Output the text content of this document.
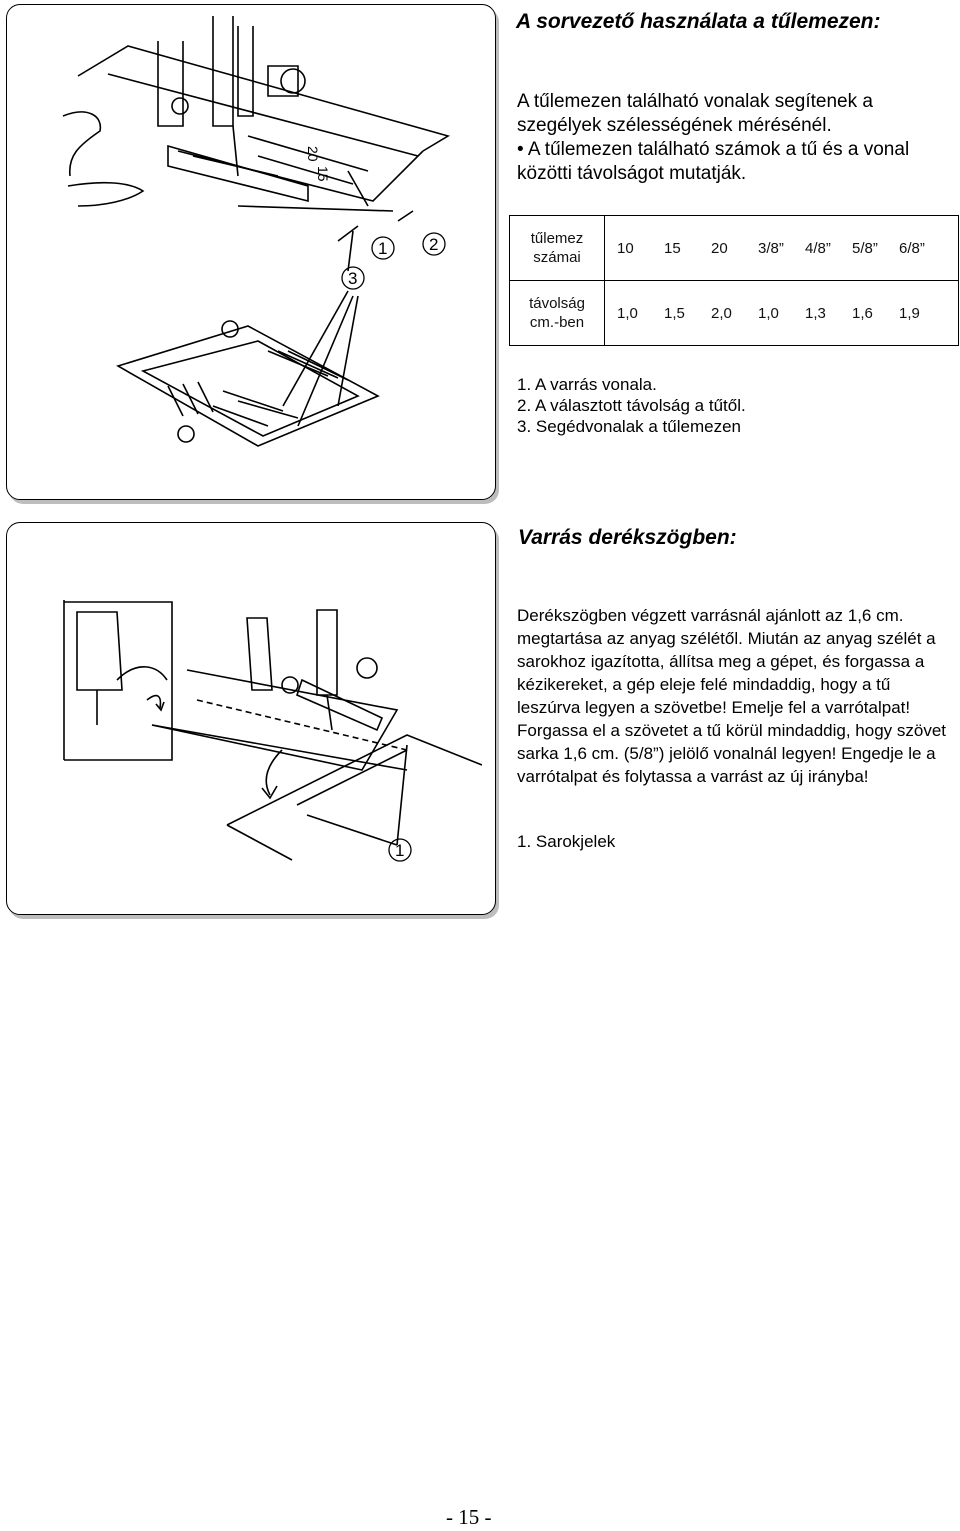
1 2
3
20
15
A sorvezető használata a tűlemezen:

A tűlemezen található vonalak segítenek a szegélyek szélességének mérésénél.

• A tűlemezen található számok a tű és a vonal közötti távolságot mutatják.

tűlemez
számai	10 15 20 3/8” 4/8” 5/8” 6/8”

távolság
cm.-ben	1,0 1,5 2,0 1,0 1,3 1,6 1,9
1. A varrás vonala.
2. A választott távolság a tűtől.
3. Segédvonalak a tűlemezen
1
Varrás derékszögben:
Derékszögben végzett varrásnál ajánlott az 1,6 cm. megtartása az anyag szélétől. Miután az anyag szélét a sarokhoz igazította, állítsa meg a gépet, és forgassa a kézikereket, a gép eleje felé mindaddig, hogy a tű leszúrva legyen a szövetbe! Emelje fel a varrótalpat! Forgassa el a szövetet a tű körül mindaddig, hogy szövet sarka 1,6 cm. (5/8”) jelölő vonalnál legyen! Engedje le a varrótalpat és folytassa a varrást az új irányba!
1. Sarokjelek
- 15 -
